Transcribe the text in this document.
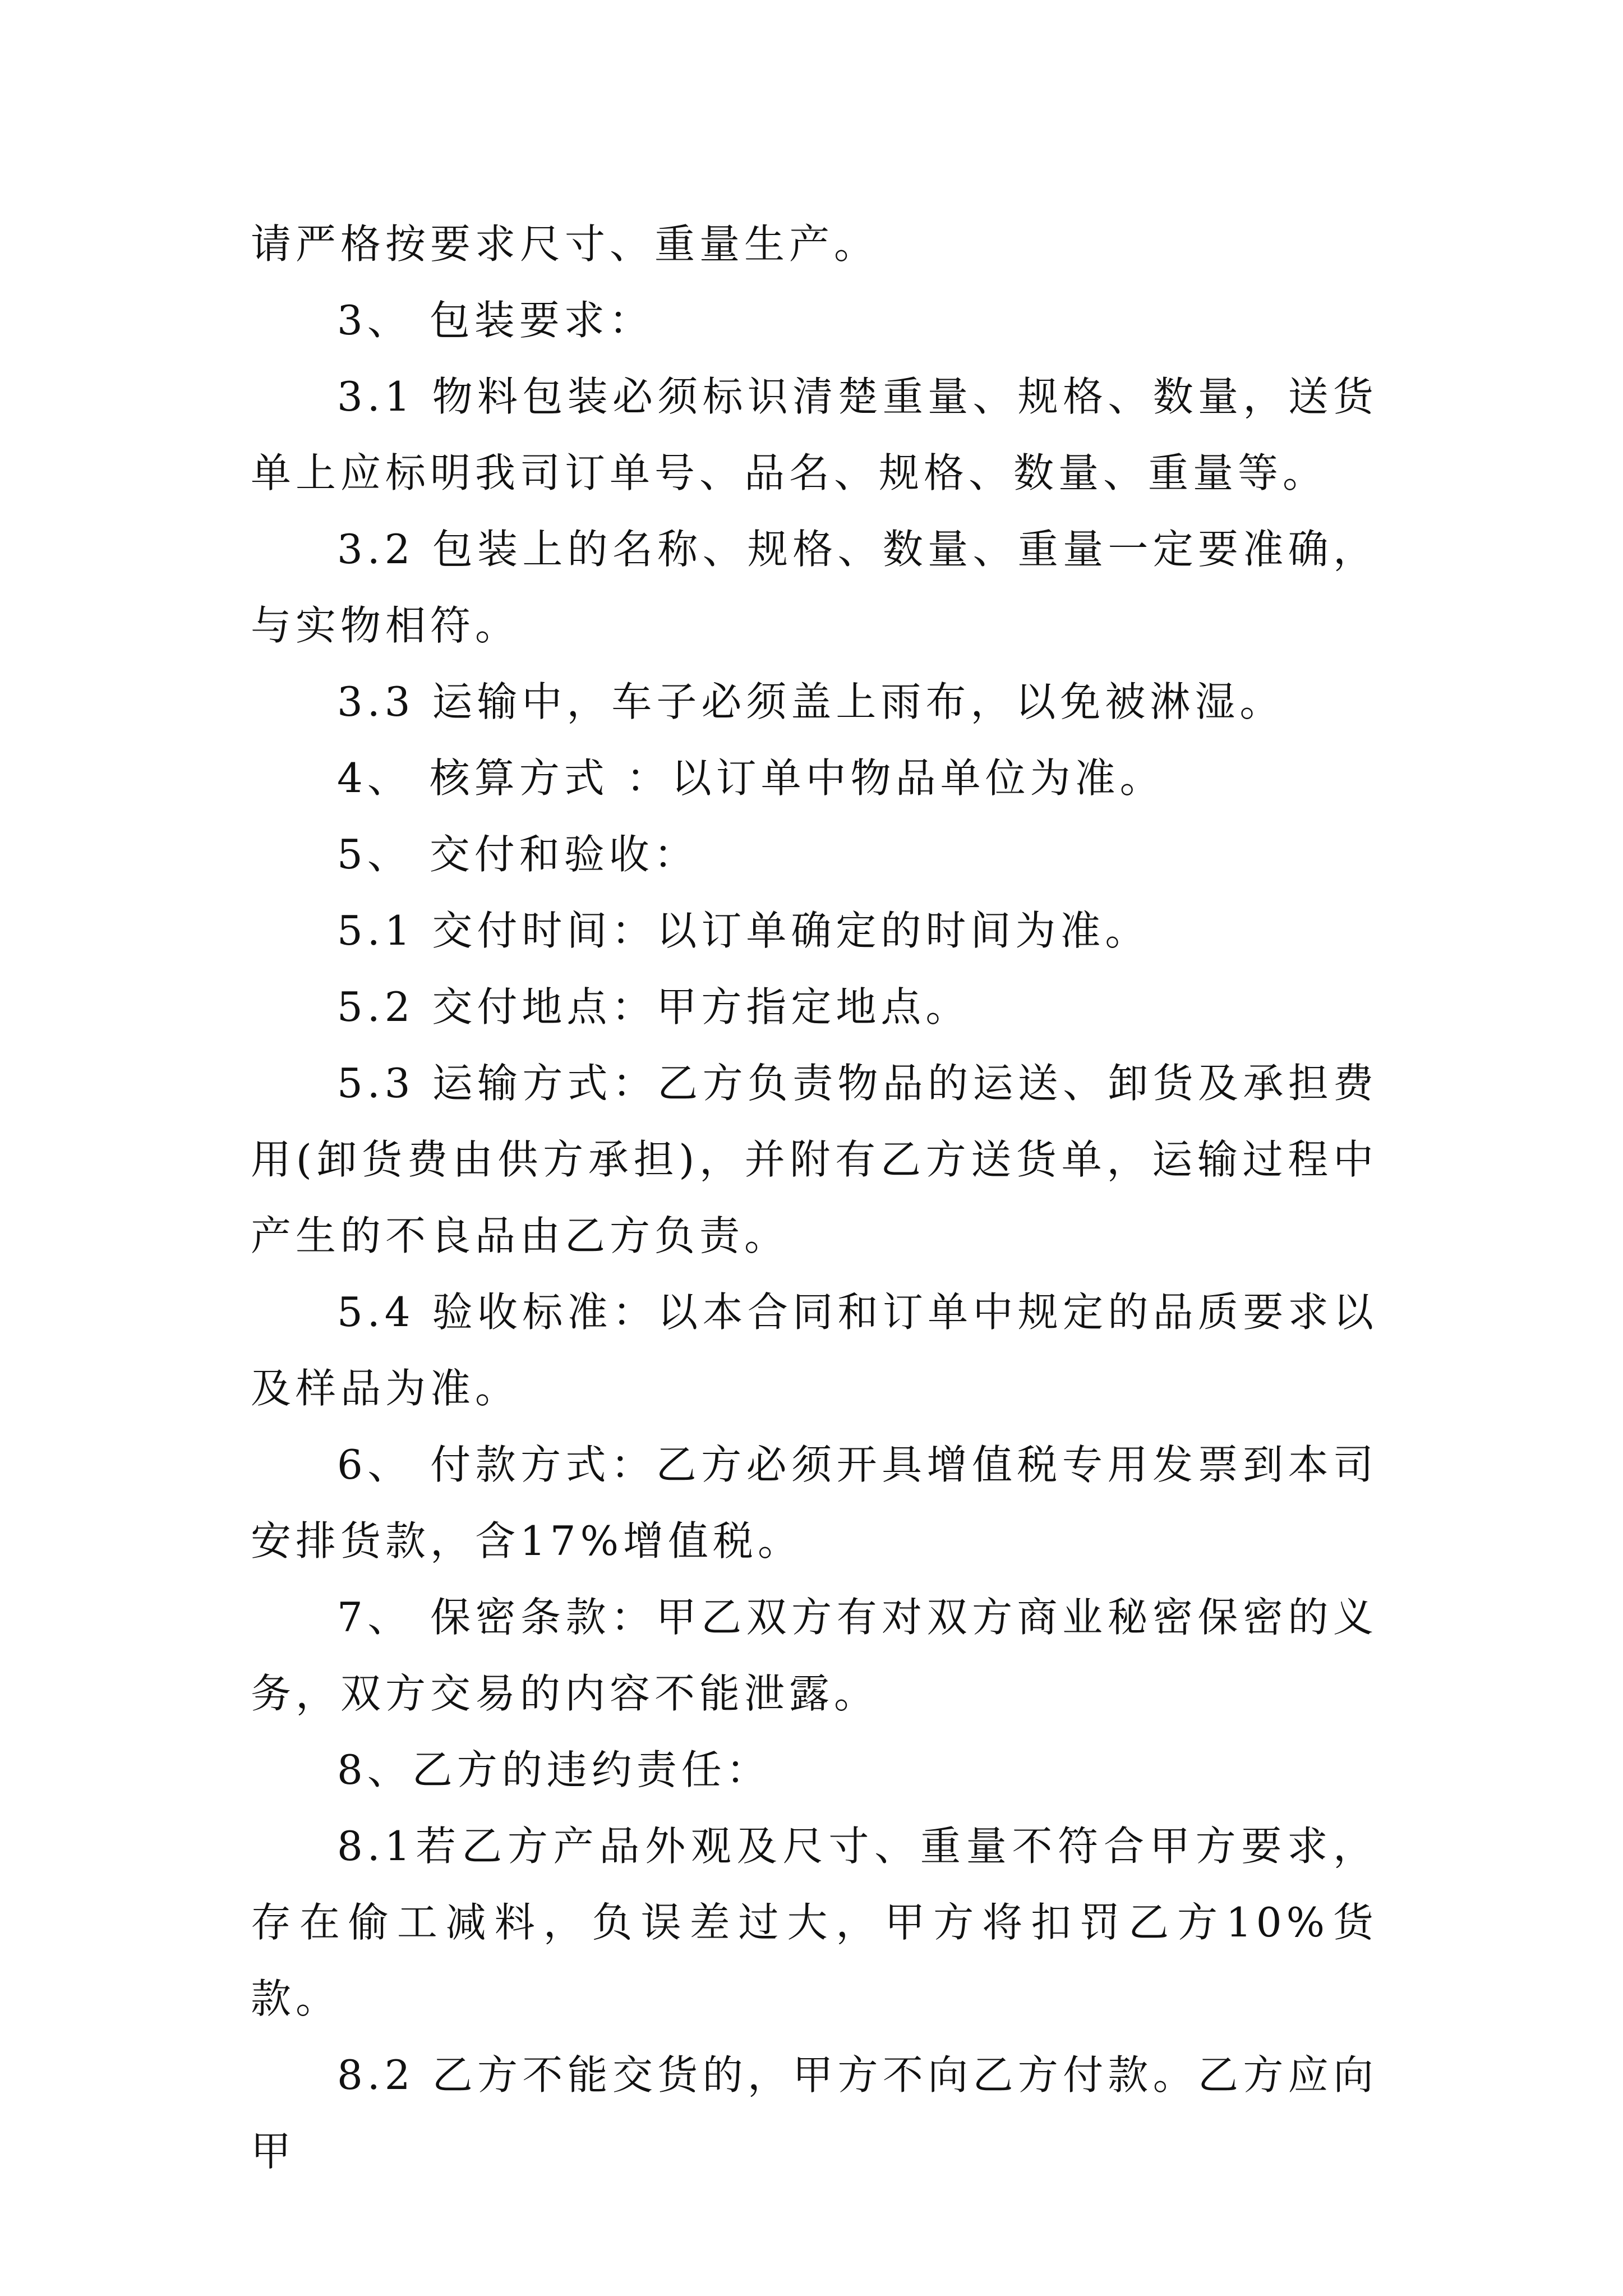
请严格按要求尺寸、重量生产。

3、 包装要求：

3.1 物料包装必须标识清楚重量、规格、数量，送货单上应标明我司订单号、品名、规格、数量、重量等。

3.2 包装上的名称、规格、数量、重量一定要准确，与实物相符。

3.3 运输中，车子必须盖上雨布，以免被淋湿。

4、 核算方式 ：以订单中物品单位为准。

5、 交付和验收：

5.1 交付时间：以订单确定的时间为准。

5.2 交付地点：甲方指定地点。

5.3 运输方式：乙方负责物品的运送、卸货及承担费用(卸货费由供方承担)，并附有乙方送货单，运输过程中产生的不良品由乙方负责。

5.4 验收标准：以本合同和订单中规定的品质要求以及样品为准。

6、 付款方式：乙方必须开具增值税专用发票到本司安排货款，含17%增值税。

7、 保密条款：甲乙双方有对双方商业秘密保密的义务，双方交易的内容不能泄露。

8、乙方的违约责任：

8.1若乙方产品外观及尺寸、重量不符合甲方要求，存在偷工减料，负误差过大，甲方将扣罚乙方10%货款。

8.2 乙方不能交货的，甲方不向乙方付款。乙方应向甲
